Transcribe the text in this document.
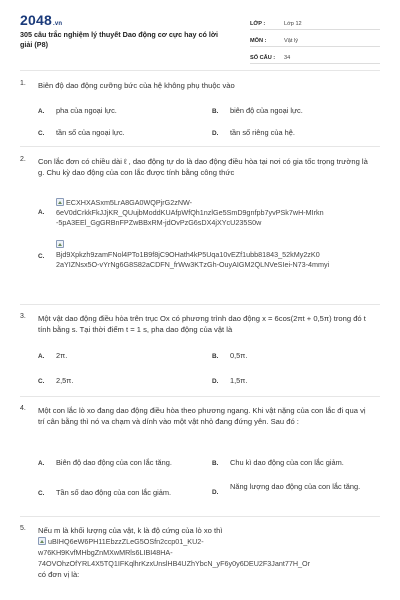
2048.vn
305 câu trắc nghiệm lý thuyết Dao động cơ cực hay có lời giải (P8)
LỚP :	Lớp 12
MÔN :	Vật lý
SỐ CÂU :	34
1. Biên độ dao động cưỡng bức của hệ không phụ thuộc vào
A. pha của ngoại lực.	B. biên độ của ngoại lực.
C. tần số của ngoại lực.	D. tần số riêng của hệ.
2. Con lắc đơn có chiều dài ℓ , dao động tự do là dao động điều hòa tại nơi có gia tốc trọng trường là g. Chu kỳ dao động của con lắc được tính bằng công thức
A.
ECXHXASxm5LrA8GA0WQPjrG2zNW-
6eV0dCrkkFkJJjKR_QUujbModdKUAfpWfQh1nzlGe5SmD9gnfpb7yvPSk7wH-MIrkn
-5pA3EEl_GgGRBnFPZwBBxRM-jdOvPzG6sDX4jXYcU235S0w
C.	Bjd9Xpkzh9zamFNol4PTo1B9f8jC9OHath4kP5Uqa10vEZf1ubb81843_52kMy2zK0
2aYIZNsx5O-vYrNg6G8S82aCDFN_frWw3KTzGh-OuyAIGM2QLNVeSIei-N73-4mmyi
3. Một vật dao động điều hòa trên trục Ox có phương trình dao động x = 6cos(2πt + 0,5π) trong đó t tính bằng s. Tại thời điểm t = 1 s, pha dao động của vật là
A. 2π.	B. 0,5π.
C. 2,5π.	D. 1,5π.
4. Một con lắc lò xo đang dao động điều hòa theo phương ngang. Khi vật nặng của con lắc đi qua vị trí cân bằng thì nó va chạm và dính vào một vật nhỏ đang đứng yên. Sau đó :
A. Biên độ dao động của con lắc tăng.	B. Chu kì dao động của con lắc giảm.
C. Tần số dao động của con lắc giảm.	D.
Năng lượng dao động của con lắc tăng.
5. Nếu m là khối lượng của vật, k là độ cứng của lò xo thì
uBIHQ6eW6PH11EbzzZLeG5OSfn2ccp01_KU2-
w76KH9KvfMHbgZnMXwMRls6LIBI48HA-
74OVOhzOfYRL4X5TQ1IFKqlhrKzxUnslHB4UZhYbcN_yF6y0y6DEU2F3Jant77H_Or
có đơn vị là:
